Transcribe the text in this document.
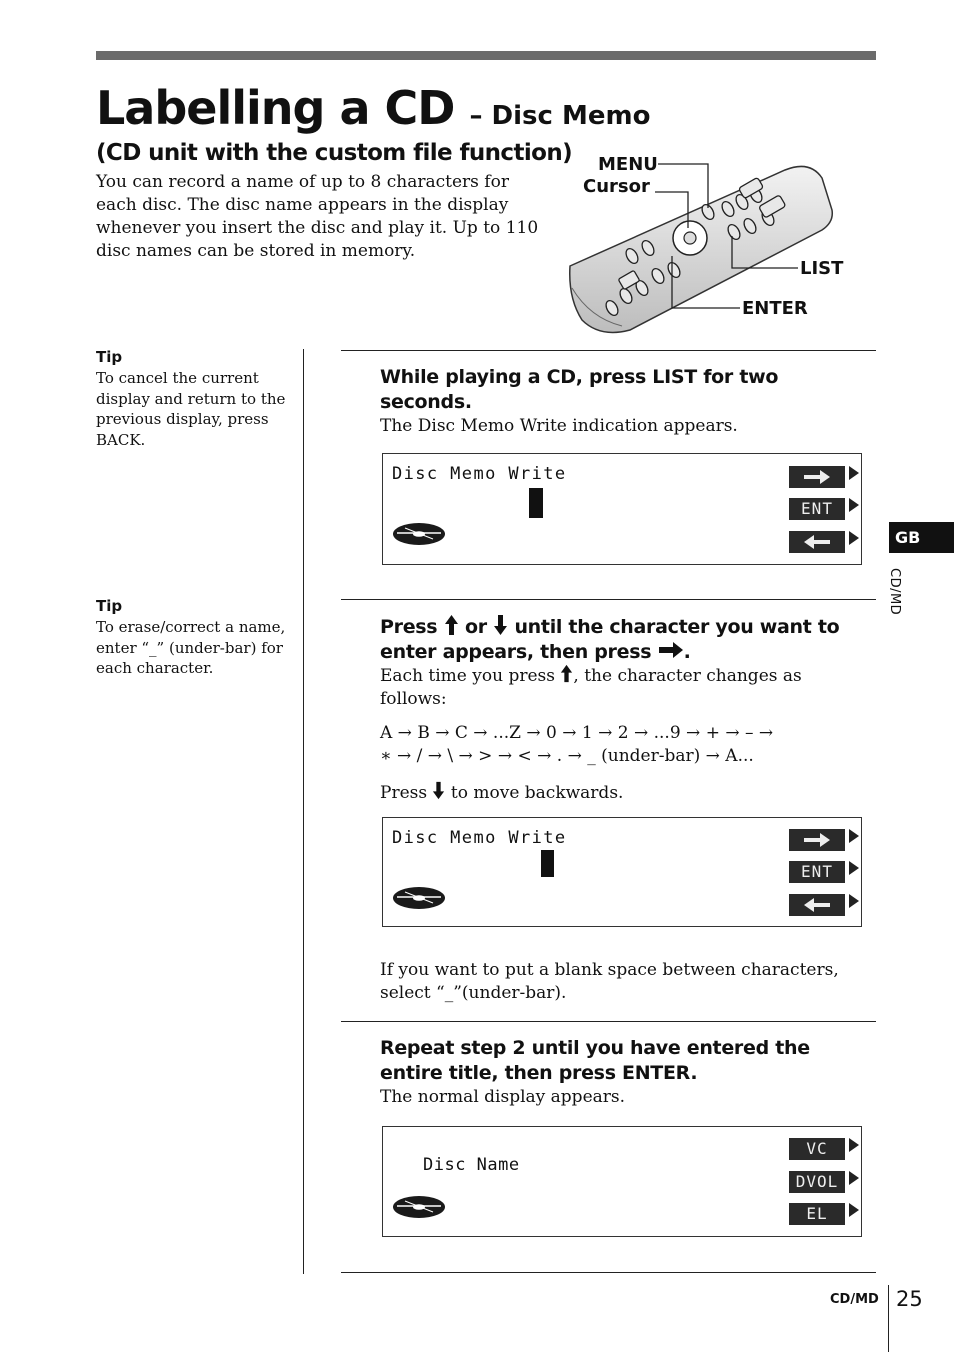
Labelling a CD – Disc Memo
(CD unit with the custom file function)
You can record a name of up to 8 characters for each disc. The disc name appears in the display whenever you insert the disc and play it. Up to 110 disc names can be stored in memory.
MENU
Cursor
LIST
ENTER
Tip
To cancel the current display and return to the previous display, press BACK.
Tip
To erase/correct a name, enter “_” (under-bar) for each character.
While playing a CD, press LIST for two seconds.
The Disc Memo Write indication appears.
Disc Memo Write
ENT
Press or until the character you want to enter appears, then press .
Each time you press , the character changes as follows:
A → B → C → ...Z → 0 → 1 → 2 → ...9 → + → – →
∗ → / → \ → > → < → . → _ (under-bar) → A...
Press to move backwards.
Disc Memo Write
ENT
If you want to put a blank space between characters, select “_”(under-bar).
Repeat step 2 until you have entered the entire title, then press ENTER.
The normal display appears.
Disc Name
VC
DVOL
EL
GB
CD/MD
CD/MD 25
